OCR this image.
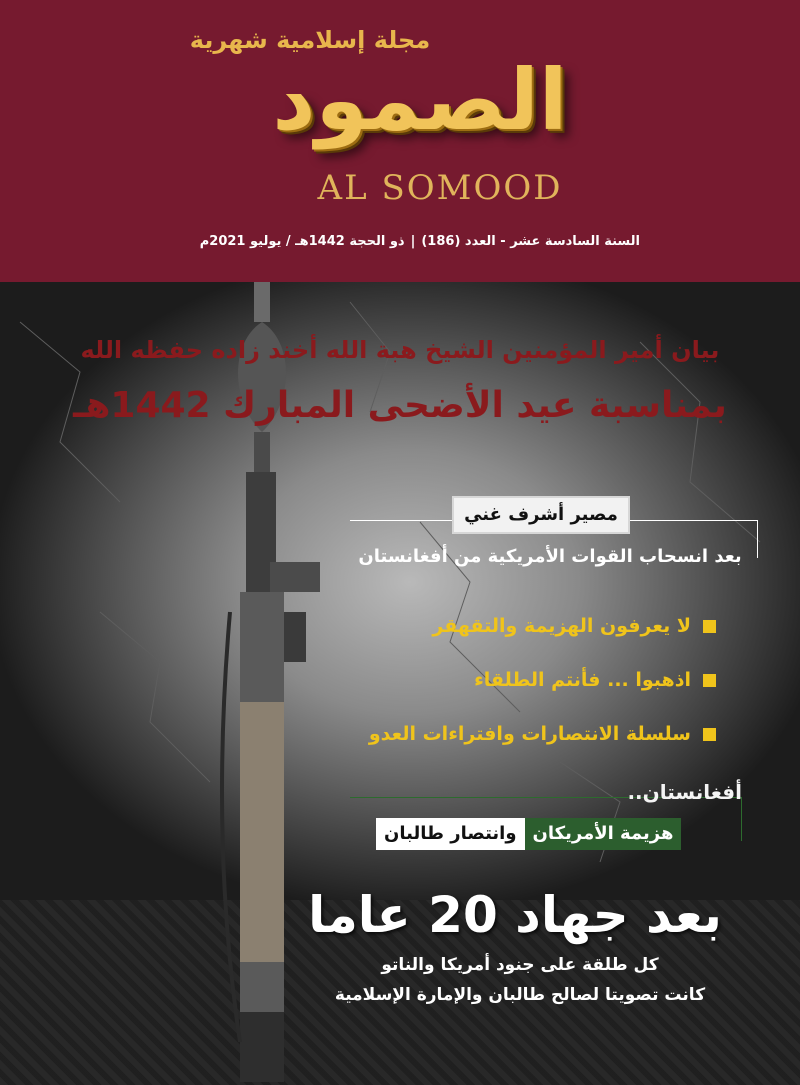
مجلة إسلامية شهرية
الصمود
AL SOMOOD
السنة السادسة عشر - العدد (186)|ذو الحجة 1442هـ / يوليو 2021م
بيان أمير المؤمنين الشيخ هبة الله أخند زاده حفظه الله
بمناسبة عيد الأضحى المبارك 1442هـ
مصير أشرف غني
بعد انسحاب القوات الأمريكية من أفغانستان
لا يعرفون الهزيمة والتقهقر
اذهبوا ... فأنتم الطلقاء
سلسلة الانتصارات وافتراءات العدو
أفغانستان..
هزيمة الأمريكان
وانتصار طالبان
بعد جهاد 20 عاما
كل طلقة على جنود أمريكا والناتو
كانت تصويتا لصالح طالبان والإمارة الإسلامية
